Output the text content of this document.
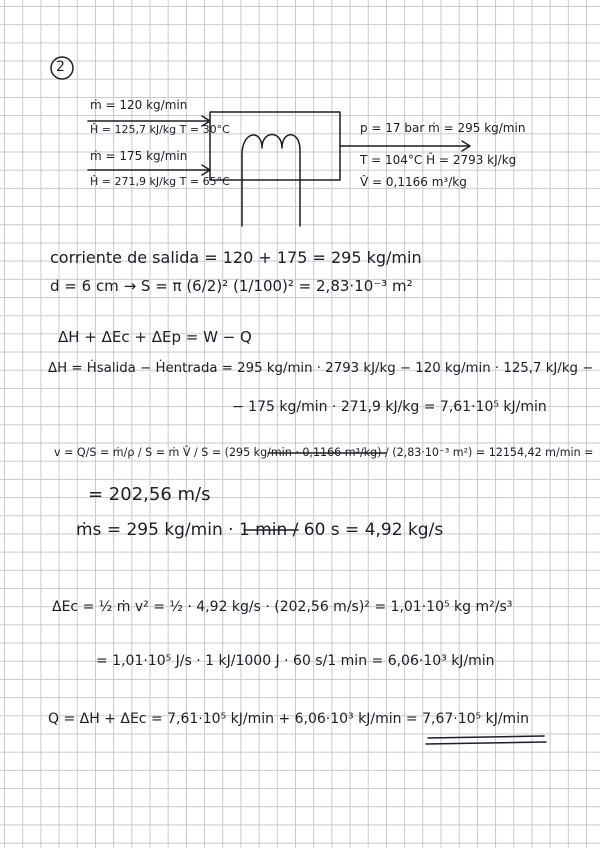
2
ṁ = 120 kg/min
Ĥ = 125,7 kJ/kg T = 30°C
ṁ = 175 kg/min
Ĥ = 271,9 kJ/kg T = 65°C
p = 17 bar ṁ = 295 kg/min
T = 104°C Ĥ = 2793 kJ/kg
V̂ = 0,1166 m³/kg
corriente de salida = 120 + 175 = 295 kg/min
d = 6 cm → S = π (6/2)² (1/100)² = 2,83·10⁻³ m²
ΔH + ΔEc + ΔEp = W − Q
ΔH = Ḣsalida − Ḣentrada = 295 kg/min · 2793 kJ/kg − 120 kg/min · 125,7 kJ/kg −
− 175 kg/min · 271,9 kJ/kg = 7,61·10⁵ kJ/min
v = Q/S = ṁ/ρ / S = ṁ V̂ / S = (295 kg/min · 0,1166 m³/kg) / (2,83·10⁻³ m²) = 12154,42 m/min =
= 202,56 m/s
ṁs = 295 kg/min · 1 min / 60 s = 4,92 kg/s
ΔEc = ½ ṁ v² = ½ · 4,92 kg/s · (202,56 m/s)² = 1,01·10⁵ kg m²/s³
= 1,01·10⁵ J/s · 1 kJ/1000 J · 60 s/1 min = 6,06·10³ kJ/min
Q = ΔH + ΔEc = 7,61·10⁵ kJ/min + 6,06·10³ kJ/min = 7,67·10⁵ kJ/min
